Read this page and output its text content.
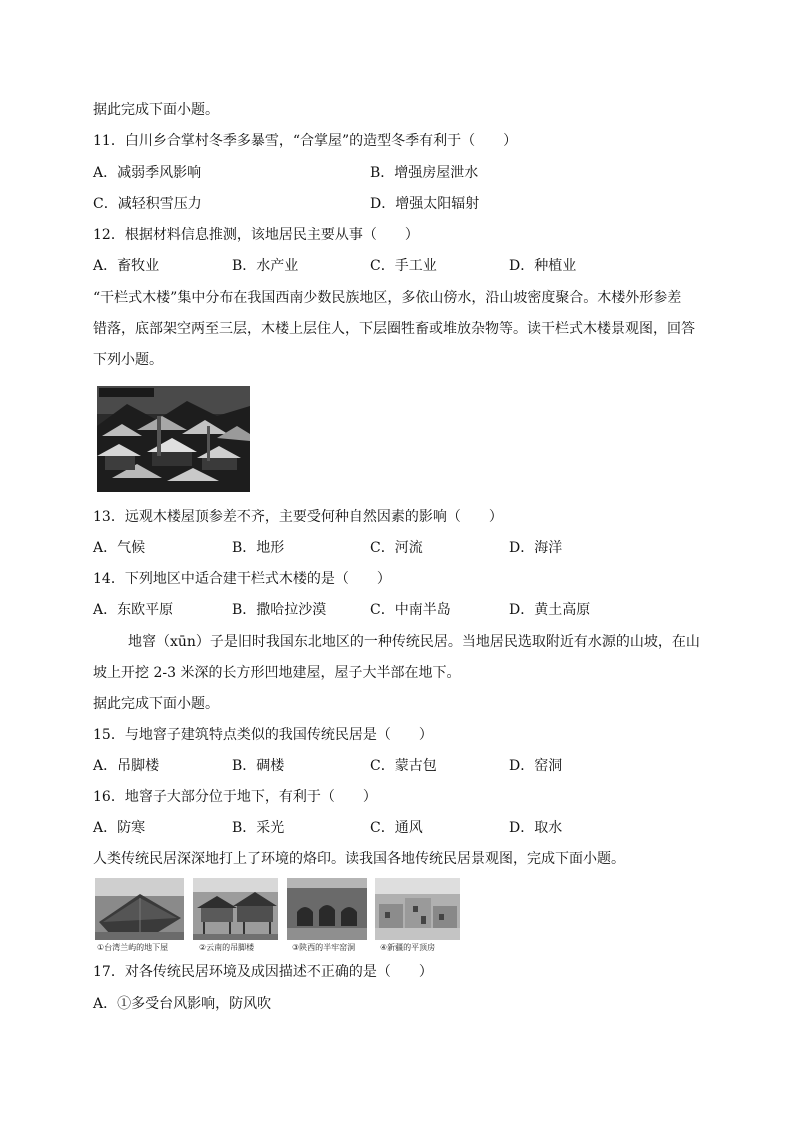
据此完成下面小题。
11．白川乡合掌村冬季多暴雪，“合掌屋”的造型冬季有利于（　　）
A．减弱季风影响	B．增强房屋泄水
C．减轻积雪压力	D．增强太阳辐射
12．根据材料信息推测，该地居民主要从事（　　）
A．畜牧业	B．水产业	C．手工业	D．种植业
“干栏式木楼”集中分布在我国西南少数民族地区，多依山傍水，沿山坡密度聚合。木楼外形参差
错落，底部架空两至三层，木楼上层住人，下层圈牲畜或堆放杂物等。读干栏式木楼景观图，回答
下列小题。
13．远观木楼屋顶参差不齐，主要受何种自然因素的影响（　　）
A．气候	B．地形	C．河流	D．海洋
14．下列地区中适合建干栏式木楼的是（　　）
A．东欧平原	B．撒哈拉沙漠	C．中南半岛	D．黄土高原
地窨（xūn）子是旧时我国东北地区的一种传统民居。当地居民选取附近有水源的山坡，在山
坡上开挖 2-3 米深的长方形凹地建屋，屋子大半部在地下。
据此完成下面小题。
15．与地窨子建筑特点类似的我国传统民居是（　　）
A．吊脚楼	B．碉楼	C．蒙古包	D．窑洞
16．地窨子大部分位于地下，有利于（　　）
A．防寒	B．采光	C．通风	D．取水
人类传统民居深深地打上了环境的烙印。读我国各地传统民居景观图，完成下面小题。
①台湾兰屿的地下屋	②云南的吊脚楼	③陕西的半牢窑洞	④新疆的平顶房
17．对各传统民居环境及成因描述不正确的是（　　）
A．①多受台风影响，防风吹
